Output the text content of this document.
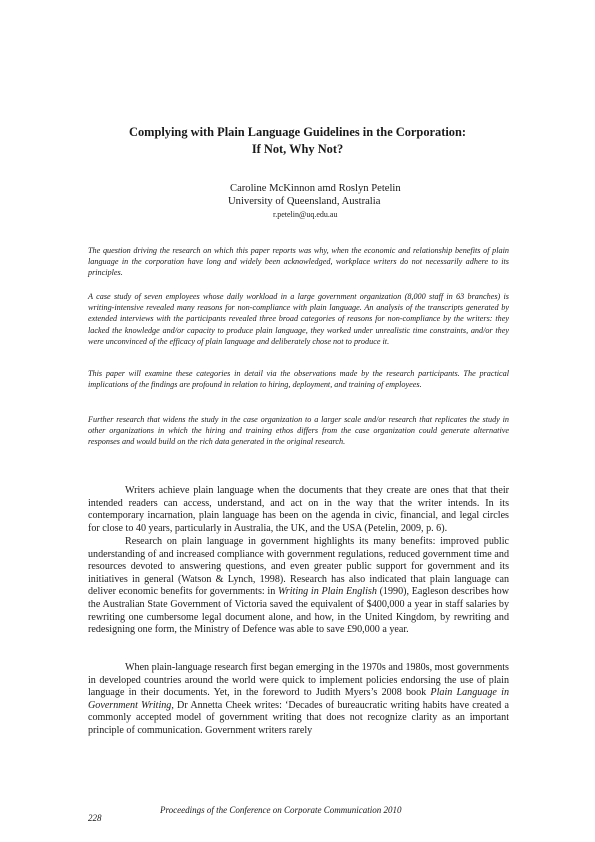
Complying with Plain Language Guidelines in the Corporation:
If Not, Why Not?
Caroline McKinnon amd Roslyn Petelin
University of Queensland, Australia
r.petelin@uq.edu.au

The question driving the research on which this paper reports was why, when the economic and relationship benefits of plain language in the corporation have long and widely been acknowledged, workplace writers do not necessarily adhere to its principles.

A case study of seven employees whose daily workload in a large government organization (8,000 staff in 63 branches) is writing-intensive revealed many reasons for non-compliance with plain language. An analysis of the transcripts generated by extended interviews with the participants revealed three broad categories of reasons for non-compliance by the writers: they lacked the knowledge and/or capacity to produce plain language, they worked under unrealistic time constraints, and/or they were unconvinced of the efficacy of plain language and deliberately chose not to produce it.

This paper will examine these categories in detail via the observations made by the research participants. The practical implications of the findings are profound in relation to hiring, deployment, and training of employees.

Further research that widens the study in the case organization to a larger scale and/or research that replicates the study in other organizations in which the hiring and training ethos differs from the case organization could generate alternative responses and would build on the rich data generated in the original research.

Writers achieve plain language when the documents that they create are ones that that their intended readers can access, understand, and act on in the way that the writer intends. In its contemporary incarnation, plain language has been on the agenda in civic, financial, and legal circles for close to 40 years, particularly in Australia, the UK, and the USA (Petelin, 2009, p. 6).

Research on plain language in government highlights its many benefits: improved public understanding of and increased compliance with government regulations, reduced government time and resources devoted to answering questions, and even greater public support for government and its initiatives in general (Watson & Lynch, 1998). Research has also indicated that plain language can deliver economic benefits for governments: in Writing in Plain English (1990), Eagleson describes how the Australian State Government of Victoria saved the equivalent of $400,000 a year in staff salaries by rewriting one cumbersome legal document alone, and how, in the United Kingdom, by rewriting and redesigning one form, the Ministry of Defence was able to save £90,000 a year.

When plain-language research first began emerging in the 1970s and 1980s, most governments in developed countries around the world were quick to implement policies endorsing the use of plain language in their documents. Yet, in the foreword to Judith Myers’s 2008 book Plain Language in Government Writing, Dr Annetta Cheek writes: ‘Decades of bureaucratic writing habits have created a commonly accepted model of government writing that does not recognize clarity as an important principle of communication. Government writers rarely

228
Proceedings of the Conference on Corporate Communication 2010
